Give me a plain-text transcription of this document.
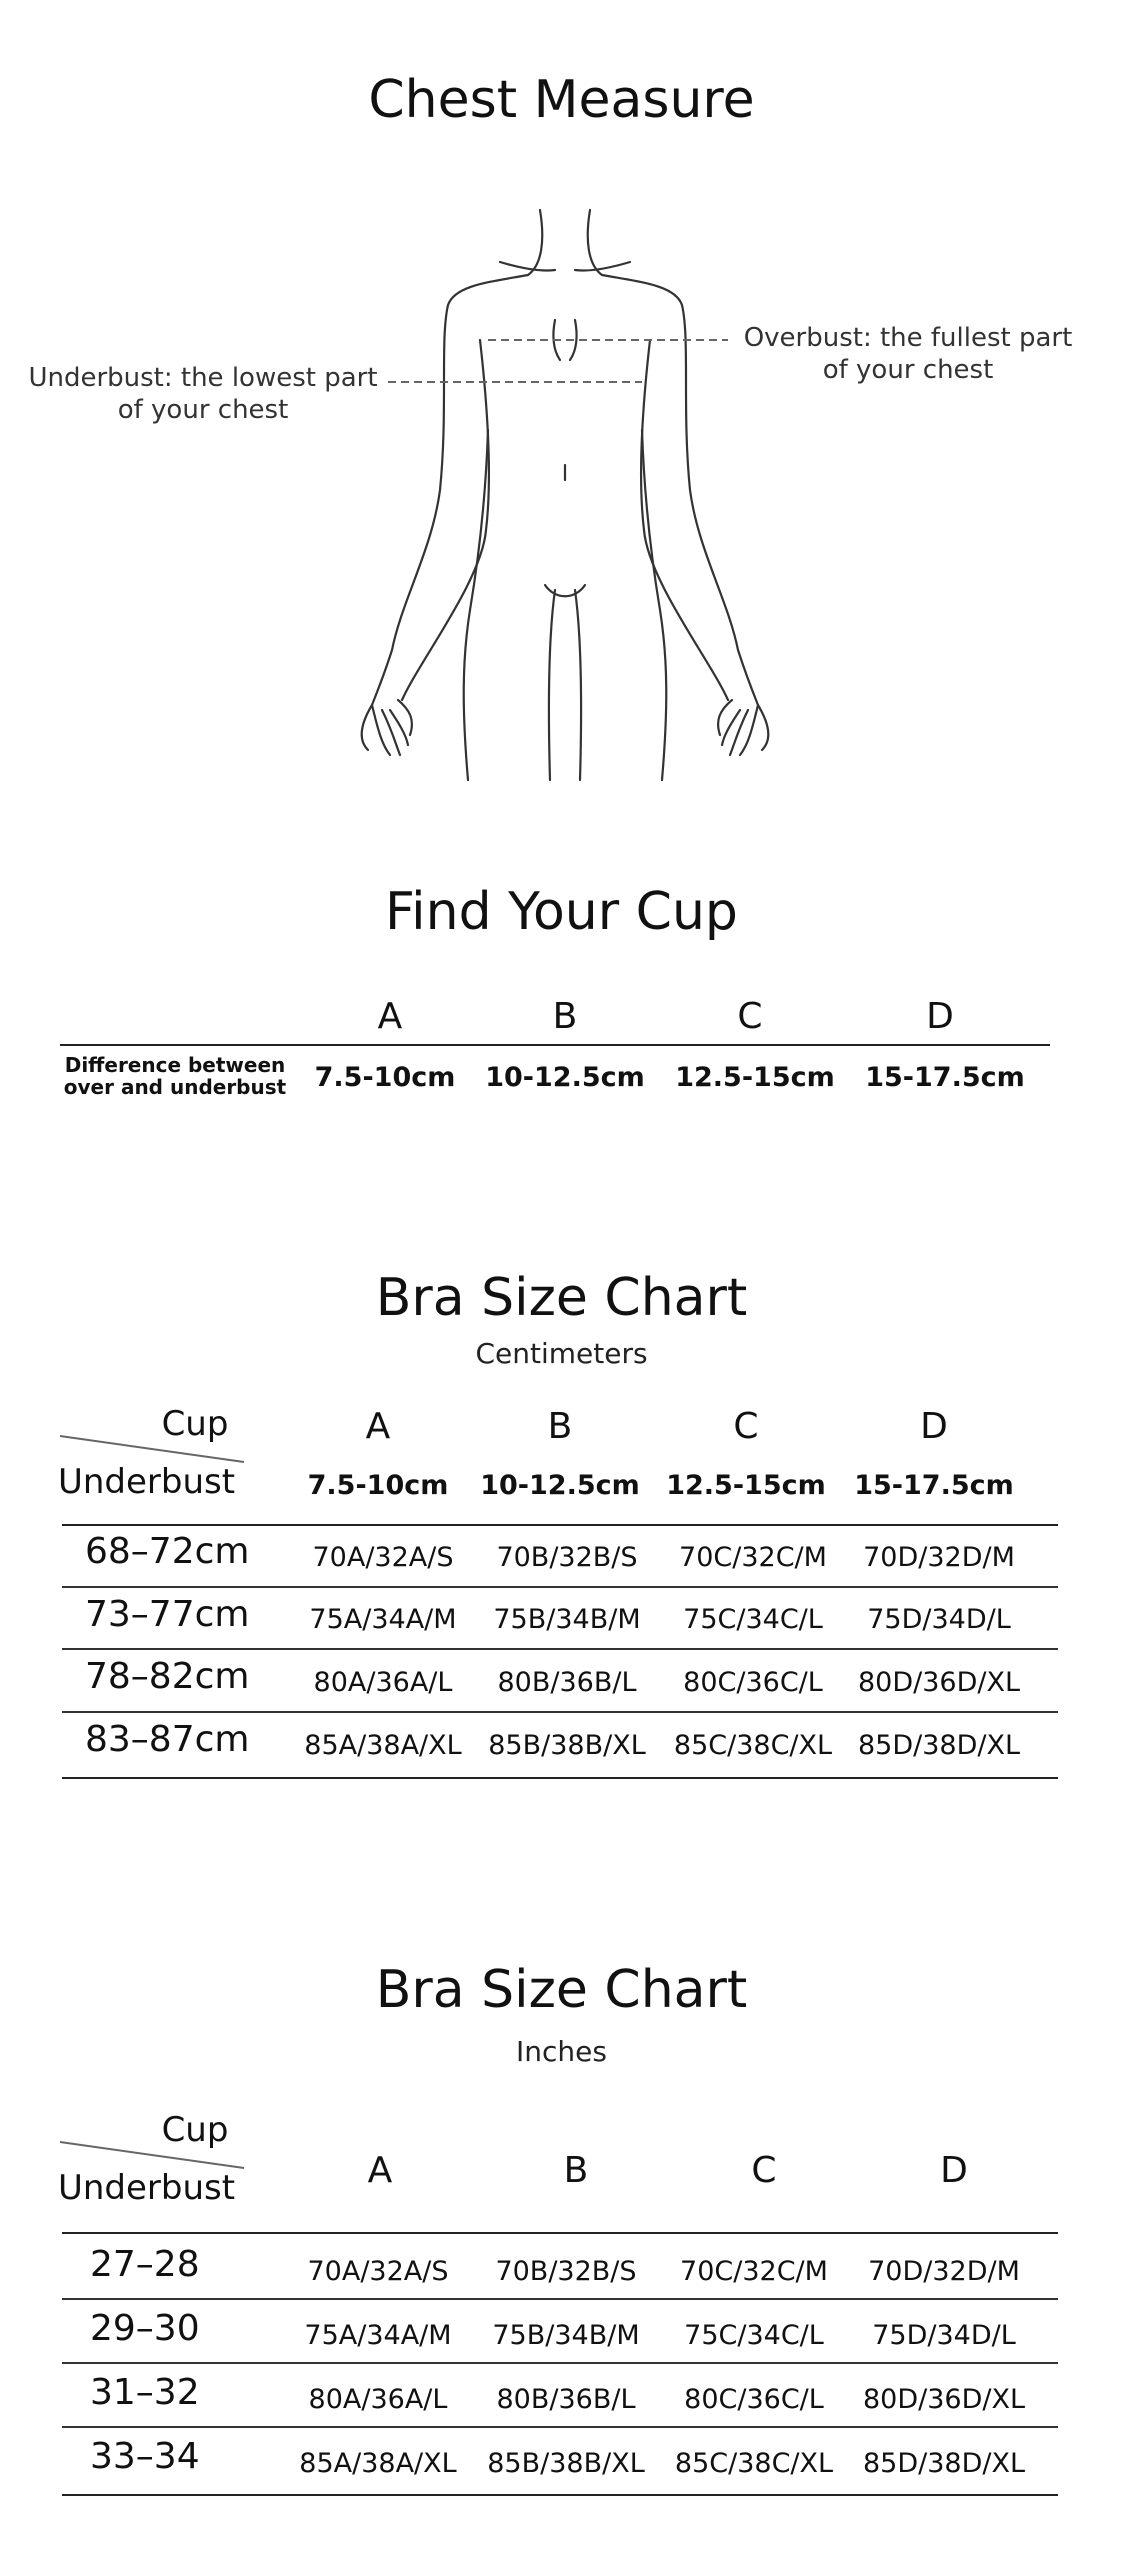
Chest Measure
Underbust: the lowest part
of your chest
Overbust: the fullest part
of your chest
Find Your Cup
A	B	C	D
Difference between
over and underbust	7.5-10cm	10-12.5cm 12.5-15cm 15-17.5cm
Bra Size Chart
Centimeters
Cup
Underbust
A	B	C	D
7.5-10cm	10-12.5cm 12.5-15cm 15-17.5cm
68–72cm	70A/32A/S	70B/32B/S	70C/32C/M	70D/32D/M
73–77cm	75A/34A/M	75B/34B/M	75C/34C/L	75D/34D/L
78–82cm	80A/36A/L	80B/36B/L	80C/36C/L	80D/36D/XL
83–87cm	85A/38A/XL 85B/38B/XL	85C/38C/XL 85D/38D/XL
Bra Size Chart
Inches
Cup
Underbust	A	B	C	D
27–28	70A/32A/S	70B/32B/S	70C/32C/M	70D/32D/M
29–30	75A/34A/M	75B/34B/M	75C/34C/L	75D/34D/L
31–32	80A/36A/L	80B/36B/L	80C/36C/L	80D/36D/XL
33–34	85A/38A/XL	85B/38B/XL	85C/38C/XL	85D/38D/XL
